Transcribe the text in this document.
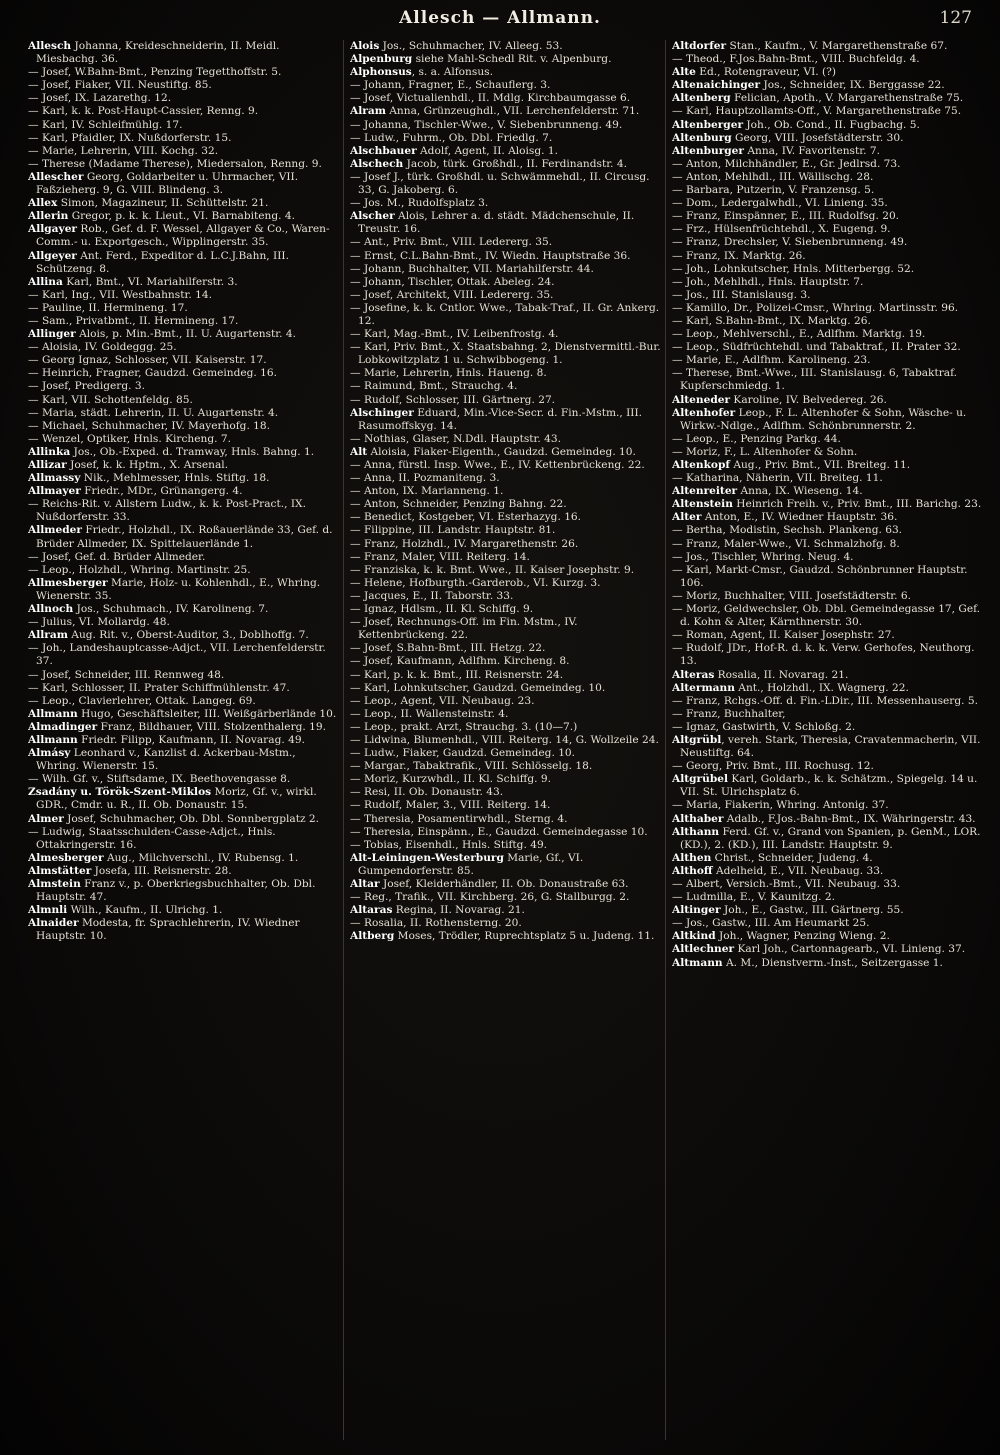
Allesch — Allmann.	127

Allesch Johanna, Kreideschneiderin, II. Meidl. Miesbachg. 36.

— Josef, W.Bahn-Bmt., Penzing Tegetthoffstr. 5.

— Josef, Fiaker, VII. Neustiftg. 85.

— Josef, IX. Lazarethg. 12.

— Karl, k. k. Post-Haupt-Cassier, Renng. 9.

— Karl, IV. Schleifmühlg. 17.

— Karl, Pfaidler, IX. Nußdorferstr. 15.

— Marie, Lehrerin, VIII. Kochg. 32.

— Therese (Madame Therese), Miedersalon, Renng. 9.

Allescher Georg, Goldarbeiter u. Uhrmacher, VII. Faßzieherg. 9, G. VIII. Blindeng. 3.

Allex Simon, Magazineur, II. Schüttelstr. 21.

Allerin Gregor, p. k. k. Lieut., VI. Barnabiteng. 4.

Allgayer Rob., Gef. d. F. Wessel, Allgayer & Co., Waren-Comm.- u. Exportgesch., Wipplingerstr. 35.

Allgeyer Ant. Ferd., Expeditor d. L.C.J.Bahn, III. Schützeng. 8.

Allina Karl, Bmt., VI. Mariahilferstr. 3.

— Karl, Ing., VII. Westbahnstr. 14.

— Pauline, II. Hermineng. 17.

— Sam., Privatbmt., II. Hermineng. 17.

Allinger Alois, p. Min.-Bmt., II. U. Augartenstr. 4.

— Aloisia, IV. Goldeggg. 25.

— Georg Ignaz, Schlosser, VII. Kaiserstr. 17.

— Heinrich, Fragner, Gaudzd. Gemeindeg. 16.

— Josef, Predigerg. 3.

— Karl, VII. Schottenfeldg. 85.

— Maria, städt. Lehrerin, II. U. Augartenstr. 4.

— Michael, Schuhmacher, IV. Mayerhofg. 18.

— Wenzel, Optiker, Hnls. Kircheng. 7.

Allinka Jos., Ob.-Exped. d. Tramway, Hnls. Bahng. 1.

Allizar Josef, k. k. Hptm., X. Arsenal.

Allmassy Nik., Mehlmesser, Hnls. Stiftg. 18.

Allmayer Friedr., MDr., Grünangerg. 4.

— Reichs-Rit. v. Allstern Ludw., k. k. Post-Pract., IX. Nußdorferstr. 33.

Allmeder Friedr., Holzhdl., IX. Roßauerlände 33, Gef. d. Brüder Allmeder, IX. Spittelauerlände 1.

— Josef, Gef. d. Brüder Allmeder.

— Leop., Holzhdl., Whring. Martinstr. 25.

Allmesberger Marie, Holz- u. Kohlenhdl., E., Whring. Wienerstr. 35.

Allnoch Jos., Schuhmach., IV. Karolineng. 7.

— Julius, VI. Mollardg. 48.

Allram Aug. Rit. v., Oberst-Auditor, 3., Doblhoffg. 7.

— Joh., Landeshauptcasse-Adjct., VII. Lerchenfelderstr. 37.

— Josef, Schneider, III. Rennweg 48.

— Karl, Schlosser, II. Prater Schiffmühlenstr. 47.

— Leop., Clavierlehrer, Ottak. Langeg. 69.

Allmann Hugo, Geschäftsleiter, III. Weißgärberlände 10.

Almadinger Franz, Bildhauer, VIII. Stolzenthalerg. 19.

Allmann Friedr. Filipp, Kaufmann, II. Novarag. 49.

Almásy Leonhard v., Kanzlist d. Ackerbau-Mstm., Whring. Wienerstr. 15.

— Wilh. Gf. v., Stiftsdame, IX. Beethovengasse 8.

Zsadány u. Török-Szent-Miklos Moriz, Gf. v., wirkl. GDR., Cmdr. u. R., II. Ob. Donaustr. 15.

Almer Josef, Schuhmacher, Ob. Dbl. Sonnbergplatz 2.

— Ludwig, Staatsschulden-Casse-Adjct., Hnls. Ottakringerstr. 16.

Almesberger Aug., Milchverschl., IV. Rubensg. 1.

Almstätter Josefa, III. Reisnerstr. 28.

Almstein Franz v., p. Oberkriegsbuchhalter, Ob. Dbl. Hauptstr. 47.

Almnli Wilh., Kaufm., II. Ulrichg. 1.

Alnaider Modesta, fr. Sprachlehrerin, IV. Wiedner Hauptstr. 10.

Alois Jos., Schuhmacher, IV. Alleeg. 53.

Alpenburg siehe Mahl-Schedl Rit. v. Alpenburg.

Alphonsus, s. a. Alfonsus.

— Johann, Fragner, E., Schauflerg. 3.

— Josef, Victualienhdl., II. Mdlg. Kirchbaumgasse 6.

Alram Anna, Grünzeughdl., VII. Lerchenfelderstr. 71.

— Johanna, Tischler-Wwe., V. Siebenbrunneng. 49.

— Ludw., Fuhrm., Ob. Dbl. Friedlg. 7.

Alschbauer Adolf, Agent, II. Aloisg. 1.

Alschech Jacob, türk. Großhdl., II. Ferdinandstr. 4.

— Josef J., türk. Großhdl. u. Schwämmehdl., II. Circusg. 33, G. Jakoberg. 6.

— Jos. M., Rudolfsplatz 3.

Alscher Alois, Lehrer a. d. städt. Mädchenschule, II. Treustr. 16.

— Ant., Priv. Bmt., VIII. Ledererg. 35.

— Ernst, C.L.Bahn-Bmt., IV. Wiedn. Hauptstraße 36.

— Johann, Buchhalter, VII. Mariahilferstr. 44.

— Johann, Tischler, Ottak. Abeleg. 24.

— Josef, Architekt, VIII. Ledererg. 35.

— Josefine, k. k. Cntlor. Wwe., Tabak-Traf., II. Gr. Ankerg. 12.

— Karl, Mag.-Bmt., IV. Leibenfrostg. 4.

— Karl, Priv. Bmt., X. Staatsbahng. 2, Dienstvermittl.-Bur. Lobkowitzplatz 1 u. Schwibbogeng. 1.

— Marie, Lehrerin, Hnls. Haueng. 8.

— Raimund, Bmt., Strauchg. 4.

— Rudolf, Schlosser, III. Gärtnerg. 27.

Alschinger Eduard, Min.-Vice-Secr. d. Fin.-Mstm., III. Rasumoffskyg. 14.

— Nothias, Glaser, N.Ddl. Hauptstr. 43.

Alt Aloisia, Fiaker-Eigenth., Gaudzd. Gemeindeg. 10.

— Anna, fürstl. Insp. Wwe., E., IV. Kettenbrückeng. 22.

— Anna, II. Pozmaniteng. 3.

— Anton, IX. Marianneng. 1.

— Anton, Schneider, Penzing Bahng. 22.

— Benedict, Kostgeber, VI. Esterhazyg. 16.

— Filippine, III. Landstr. Hauptstr. 81.

— Franz, Holzhdl., IV. Margarethenstr. 26.

— Franz, Maler, VIII. Reiterg. 14.

— Franziska, k. k. Bmt. Wwe., II. Kaiser Josephstr. 9.

— Helene, Hofburgth.-Garderob., VI. Kurzg. 3.

— Jacques, E., II. Taborstr. 33.

— Ignaz, Hdlsm., II. Kl. Schiffg. 9.

— Josef, Rechnungs-Off. im Fin. Mstm., IV. Kettenbrückeng. 22.

— Josef, S.Bahn-Bmt., III. Hetzg. 22.

— Josef, Kaufmann, Adlfhm. Kircheng. 8.

— Karl, p. k. k. Bmt., III. Reisnerstr. 24.

— Karl, Lohnkutscher, Gaudzd. Gemeindeg. 10.

— Leop., Agent, VII. Neubaug. 23.

— Leop., II. Wallensteinstr. 4.

— Leop., prakt. Arzt, Strauchg. 3. (10—7.)

— Lidwina, Blumenhdl., VIII. Reiterg. 14, G. Wollzeile 24.

— Ludw., Fiaker, Gaudzd. Gemeindeg. 10.

— Margar., Tabaktrafik., VIII. Schlösselg. 18.

— Moriz, Kurzwhdl., II. Kl. Schiffg. 9.

— Resi, II. Ob. Donaustr. 43.

— Rudolf, Maler, 3., VIII. Reiterg. 14.

— Theresia, Posamentirwhdl., Sterng. 4.

— Theresia, Einspänn., E., Gaudzd. Gemeindegasse 10.

— Tobias, Eisenhdl., Hnls. Stiftg. 49.

Alt-Leiningen-Westerburg Marie, Gf., VI. Gumpendorferstr. 85.

Altar Josef, Kleiderhändler, II. Ob. Donaustraße 63.

— Reg., Trafik., VII. Kirchberg. 26, G. Stallburgg. 2.

Altaras Regina, II. Novarag. 21.

— Rosalia, II. Rothensterng. 20.

Altberg Moses, Trödler, Ruprechtsplatz 5 u. Judeng. 11.

Altdorfer Stan., Kaufm., V. Margarethenstraße 67.

— Theod., F.Jos.Bahn-Bmt., VIII. Buchfeldg. 4.

Alte Ed., Rotengraveur, VI. (?)

Altenaichinger Jos., Schneider, IX. Berggasse 22.

Altenberg Felician, Apoth., V. Margarethenstraße 75.

— Karl, Hauptzollamts-Off., V. Margarethenstraße 75.

Altenberger Joh., Ob. Cond., II. Fugbachg. 5.

Altenburg Georg, VIII. Josefstädterstr. 30.

Altenburger Anna, IV. Favoritenstr. 7.

— Anton, Milchhändler, E., Gr. Jedlrsd. 73.

— Anton, Mehlhdl., III. Wällischg. 28.

— Barbara, Putzerin, V. Franzensg. 5.

— Dom., Ledergalwhdl., VI. Linieng. 35.

— Franz, Einspänner, E., III. Rudolfsg. 20.

— Frz., Hülsenfrüchtehdl., X. Eugeng. 9.

— Franz, Drechsler, V. Siebenbrunneng. 49.

— Franz, IX. Marktg. 26.

— Joh., Lohnkutscher, Hnls. Mitterbergg. 52.

— Joh., Mehlhdl., Hnls. Hauptstr. 7.

— Jos., III. Stanislausg. 3.

— Kamillo, Dr., Polizei-Cmsr., Whring. Martinsstr. 96.

— Karl, S.Bahn-Bmt., IX. Marktg. 26.

— Leop., Mehlverschl., E., Adlfhm. Marktg. 19.

— Leop., Südfrüchtehdl. und Tabaktraf., II. Prater 32.

— Marie, E., Adlfhm. Karolineng. 23.

— Therese, Bmt.-Wwe., III. Stanislausg. 6, Tabaktraf. Kupferschmiedg. 1.

Alteneder Karoline, IV. Belvedereg. 26.

Altenhofer Leop., F. L. Altenhofer & Sohn, Wäsche- u. Wirkw.-Ndlge., Adlfhm. Schönbrunnerstr. 2.

— Leop., E., Penzing Parkg. 44.

— Moriz, F., L. Altenhofer & Sohn.

Altenkopf Aug., Priv. Bmt., VII. Breiteg. 11.

— Katharina, Näherin, VII. Breiteg. 11.

Altenreiter Anna, IX. Wieseng. 14.

Altenstein Heinrich Freih. v., Priv. Bmt., III. Barichg. 23.

Alter Anton, E., IV. Wiedner Hauptstr. 36.

— Bertha, Modistin, Sechsh. Plankeng. 63.

— Franz, Maler-Wwe., VI. Schmalzhofg. 8.

— Jos., Tischler, Whring. Neug. 4.

— Karl, Markt-Cmsr., Gaudzd. Schönbrunner Hauptstr. 106.

— Moriz, Buchhalter, VIII. Josefstädterstr. 6.

— Moriz, Geldwechsler, Ob. Dbl. Gemeindegasse 17, Gef. d. Kohn & Alter, Kärnthnerstr. 30.

— Roman, Agent, II. Kaiser Josephstr. 27.

— Rudolf, JDr., Hof-R. d. k. k. Verw. Gerhofes, Neuthorg. 13.

Alteras Rosalia, II. Novarag. 21.

Altermann Ant., Holzhdl., IX. Wagnerg. 22.

— Franz, Rchgs.-Off. d. Fin.-LDir., III. Messenhauserg. 5.

— Franz, Buchhalter,

— Ignaz, Gastwirth, V. Schloßg. 2.

Altgrübl, vereh. Stark, Theresia, Cravatenmacherin, VII. Neustiftg. 64.

— Georg, Priv. Bmt., III. Rochusg. 12.

Altgrübel Karl, Goldarb., k. k. Schätzm., Spiegelg. 14 u. VII. St. Ulrichsplatz 6.

— Maria, Fiakerin, Whring. Antonig. 37.

Althaber Adalb., F.Jos.-Bahn-Bmt., IX. Währingerstr. 43.

Althann Ferd. Gf. v., Grand von Spanien, p. GenM., LOR. (KD.), 2. (KD.), III. Landstr. Hauptstr. 9.

Althen Christ., Schneider, Judeng. 4.

Althoff Adelheid, E., VII. Neubaug. 33.

— Albert, Versich.-Bmt., VII. Neubaug. 33.

— Ludmilla, E., V. Kaunitzg. 2.

Altinger Joh., E., Gastw., III. Gärtnerg. 55.

— Jos., Gastw., III. Am Heumarkt 25.

Altkind Joh., Wagner, Penzing Wieng. 2.

Altlechner Karl Joh., Cartonnagearb., VI. Linieng. 37.

Altmann A. M., Dienstverm.-Inst., Seitzergasse 1.
